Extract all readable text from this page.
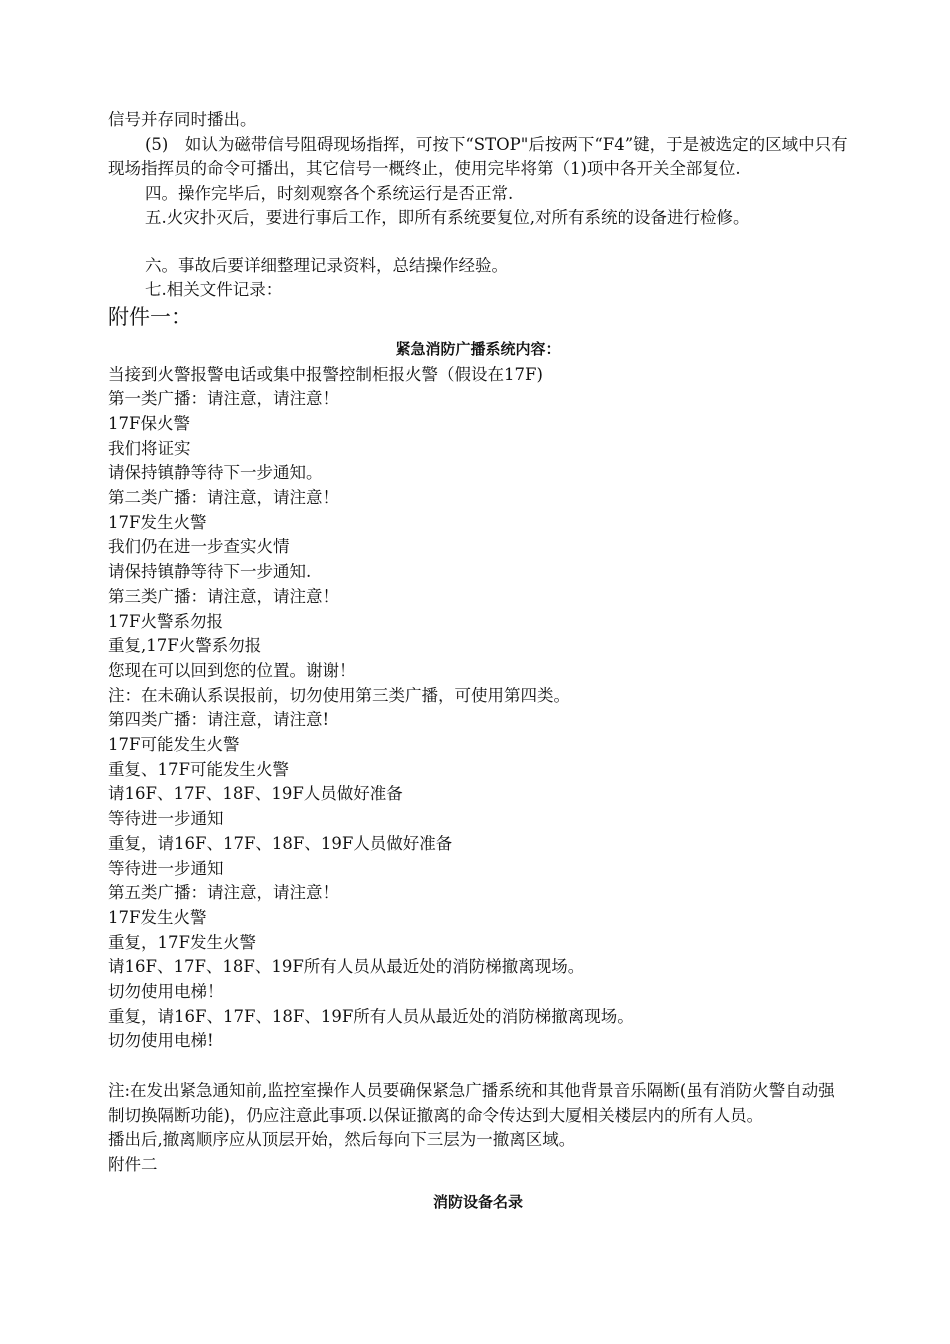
信号并存同时播出。

(5)　如认为磁带信号阻碍现场指挥，可按下“STOP"后按两下“F4”键，于是被选定的区域中只有现场指挥员的命令可播出，其它信号一概终止，使用完毕将第（1)项中各开关全部复位.

四。操作完毕后，时刻观察各个系统运行是否正常.

五.火灾扑灭后，要进行事后工作，即所有系统要复位,对所有系统的设备进行检修。

六。事故后要详细整理记录资料，总结操作经验。

七.相关文件记录：

附件一：

紧急消防广播系统内容：

当接到火警报警电话或集中报警控制柜报火警（假设在17F)

第一类广播：请注意，请注意！

17F保火警

我们将证实

请保持镇静等待下一步通知。

第二类广播：请注意，请注意！

17F发生火警

我们仍在进一步查实火情

请保持镇静等待下一步通知.

第三类广播：请注意，请注意！

17F火警系勿报

重复,17F火警系勿报

您现在可以回到您的位置。谢谢！

注：在未确认系误报前，切勿使用第三类广播，可使用第四类。

第四类广播：请注意，请注意!

17F可能发生火警

重复、17F可能发生火警

请16F、17F、18F、19F人员做好准备

等待进一步通知

重复，请16F、17F、18F、19F人员做好准备

等待进一步通知

第五类广播：请注意，请注意！

17F发生火警

重复，17F发生火警

请16F、17F、18F、19F所有人员从最近处的消防梯撤离现场。

切勿使用电梯！

重复，请16F、17F、18F、19F所有人员从最近处的消防梯撤离现场。

切勿使用电梯!

注:在发出紧急通知前,监控室操作人员要确保紧急广播系统和其他背景音乐隔断(虽有消防火警自动强制切换隔断功能)，仍应注意此事项.以保证撤离的命令传达到大厦相关楼层内的所有人员。

播出后,撤离顺序应从顶层开始，然后每向下三层为一撤离区域。

附件二

消防设备名录
